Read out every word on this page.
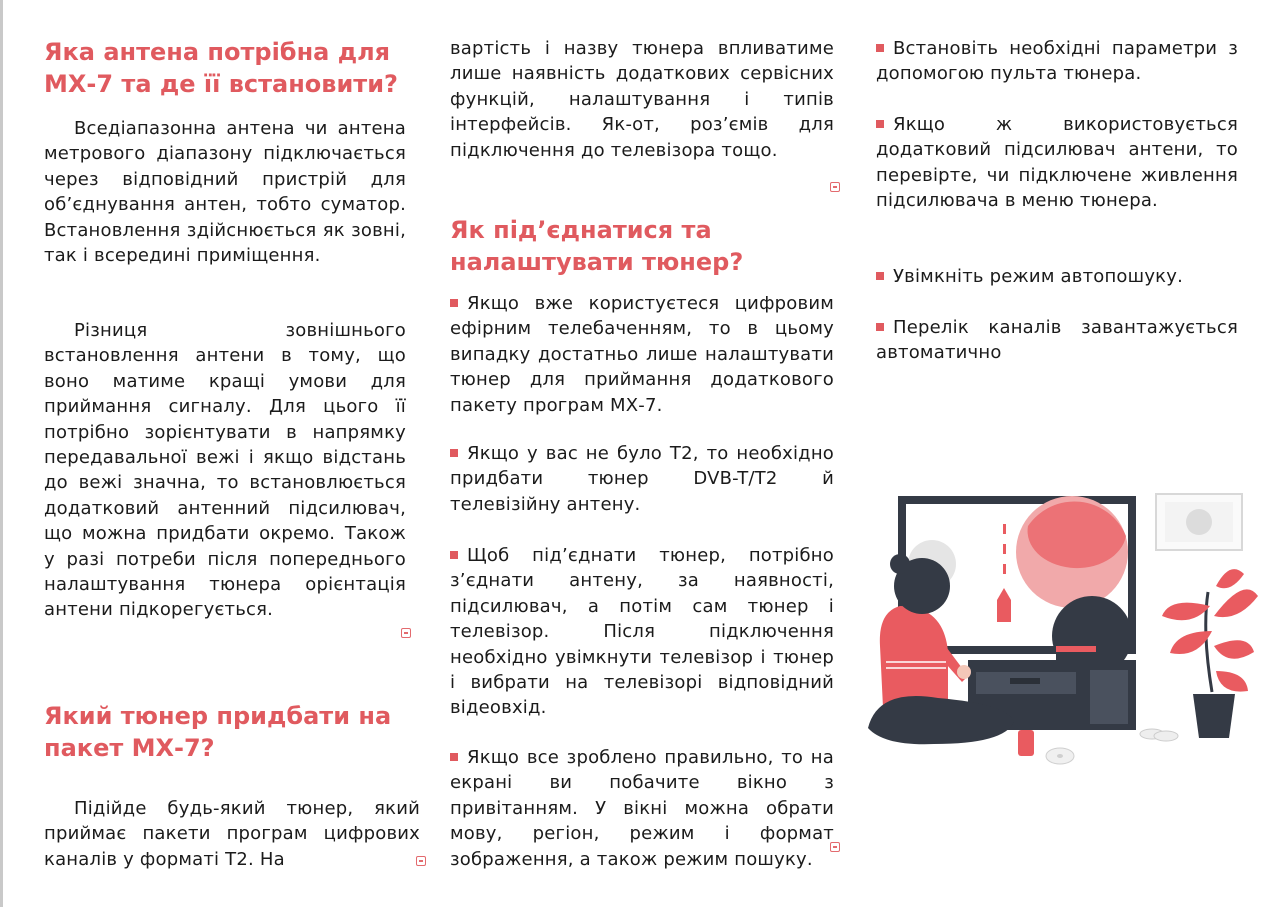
Яка антена потрібна для МХ-7 та де її встановити?

Вседіапазонна антена чи антена метрового діапазону підключається через відповідний пристрій для об’єднування антен, тобто суматор. Встановлення здійснюється як зовні, так і всередині приміщення.

Різниця зовнішнього встановлення антени в тому, що воно матиме кращі умови для приймання сигналу. Для цього її потрібно зорієнтувати в напрямку передавальної вежі і якщо відстань до вежі значна, то встановлюється додатковий антенний підсилювач, що можна придбати окремо. Також у разі потреби після попереднього налаштування тюнера орієнтація антени підкорегується.

Який тюнер придбати на пакет МХ-7?

Підійде будь-який тюнер, який приймає пакети програм цифрових каналів у форматі Т2. На

вартість і назву тюнера впливатиме лише наявність додаткових сервісних функцій, налаштування і типів інтерфейсів. Як-от, роз’ємів для підключення до телевізора тощо.

Як під’єднатися та налаштувати тюнер?

Якщо вже користуєтеся цифровим ефірним телебаченням, то в цьому випадку достатньо лише налаштувати тюнер для приймання додаткового пакету програм МХ-7.

Якщо у вас не було Т2, то необхідно придбати тюнер DVB-T/T2 й телевізійну антену.

Щоб під’єднати тюнер, потрібно з’єднати антену, за наявності, підсилювач, а потім сам тюнер і телевізор. Після підключення необхідно увімкнути телевізор і тюнер і вибрати на телевізорі відповідний відеовхід.

Якщо все зроблено правильно, то на екрані ви побачите вікно з привітанням. У вікні можна обрати мову, регіон, режим і формат зображення, а також режим пошуку.

Встановіть необхідні параметри з допомогою пульта тюнера.

Якщо ж використовується додатковий підсилювач антени, то перевірте, чи підключене живлення підсилювача в меню тюнера.

Увімкніть режим автопошуку.

Перелік каналів завантажується автоматично
